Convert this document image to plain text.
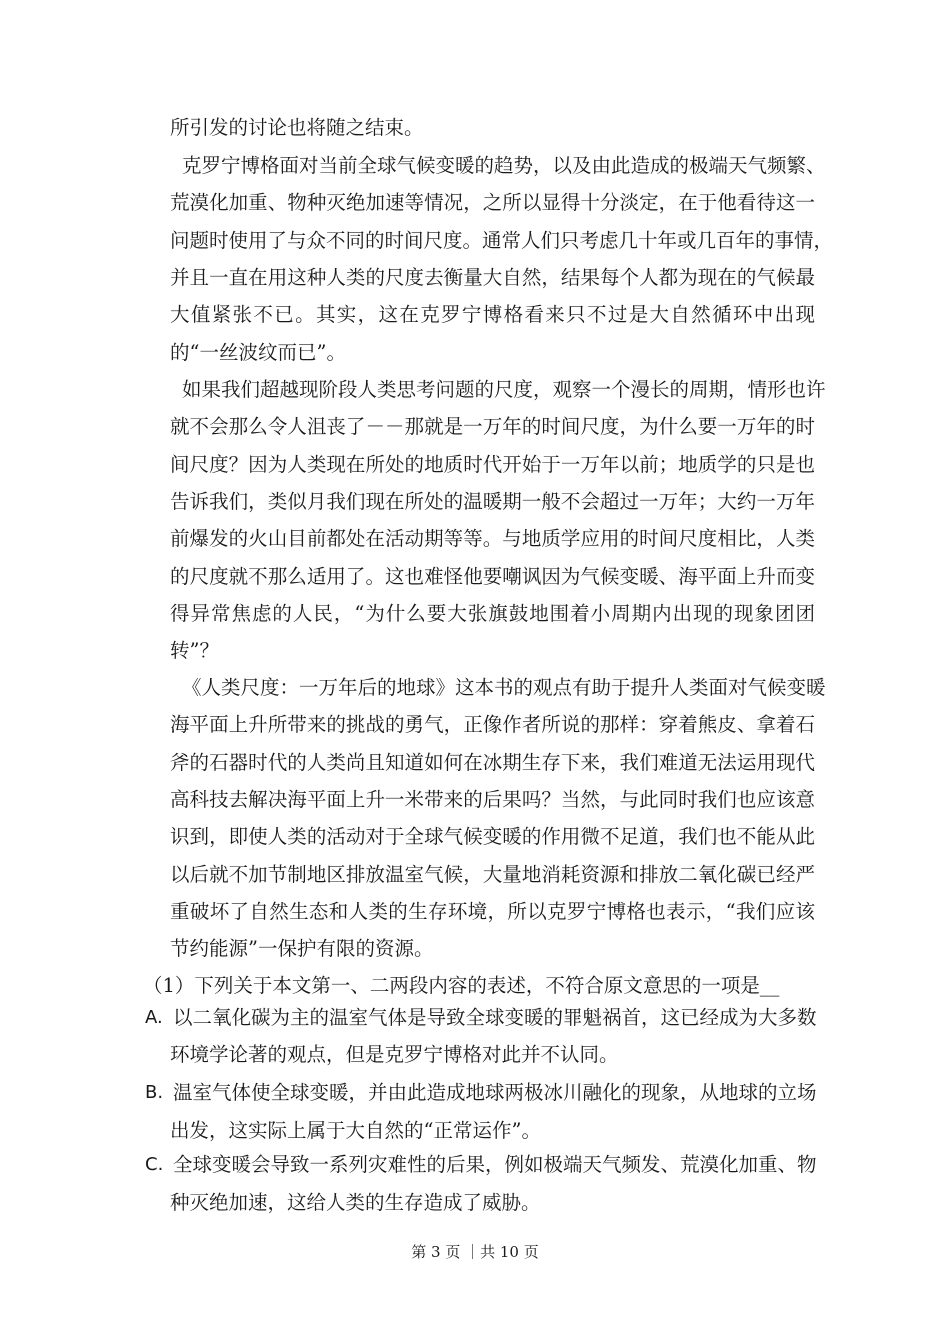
所引发的讨论也将随之结束。
克罗宁博格面对当前全球气候变暖的趋势，以及由此造成的极端天气频繁、
荒漠化加重、物种灭绝加速等情况，之所以显得十分淡定，在于他看待这一
问题时使用了与众不同的时间尺度。通常人们只考虑几十年或几百年的事情，
并且一直在用这种人类的尺度去衡量大自然，结果每个人都为现在的气候最
大值紧张不已。其实，这在克罗宁博格看来只不过是大自然循环中出现
的“一丝波纹而已”。
如果我们超越现阶段人类思考问题的尺度，观察一个漫长的周期，情形也许
就不会那么令人沮丧了－－那就是一万年的时间尺度，为什么要一万年的时
间尺度？因为人类现在所处的地质时代开始于一万年以前；地质学的只是也
告诉我们，类似月我们现在所处的温暖期一般不会超过一万年；大约一万年
前爆发的火山目前都处在活动期等等。与地质学应用的时间尺度相比，人类
的尺度就不那么适用了。这也难怪他要嘲讽因为气候变暖、海平面上升而变
得异常焦虑的人民，“为什么要大张旗鼓地围着小周期内出现的现象团团
转”？
《人类尺度：一万年后的地球》这本书的观点有助于提升人类面对气候变暖
海平面上升所带来的挑战的勇气，正像作者所说的那样：穿着熊皮、拿着石
斧的石器时代的人类尚且知道如何在冰期生存下来，我们难道无法运用现代
高科技去解决海平面上升一米带来的后果吗？当然，与此同时我们也应该意
识到，即使人类的活动对于全球气候变暖的作用微不足道，我们也不能从此
以后就不加节制地区排放温室气候，大量地消耗资源和排放二氧化碳已经严
重破坏了自然生态和人类的生存环境，所以克罗宁博格也表示，“我们应该
节约能源”一保护有限的资源。
A. 以二氧化碳为主的温室气体是导致全球变暖的罪魁祸首，这已经成为大多数
环境学论著的观点，但是克罗宁博格对此并不认同。
B. 温室气体使全球变暖，并由此造成地球两极冰川融化的现象，从地球的立场
出发，这实际上属于大自然的“正常运作”。
C. 全球变暖会导致一系列灾难性的后果，例如极端天气频发、荒漠化加重、物
种灭绝加速，这给人类的生存造成了威胁。
（1）下列关于本文第一、二两段内容的表述，不符合原文意思的一项是__
第 3 页 ｜共 10 页
